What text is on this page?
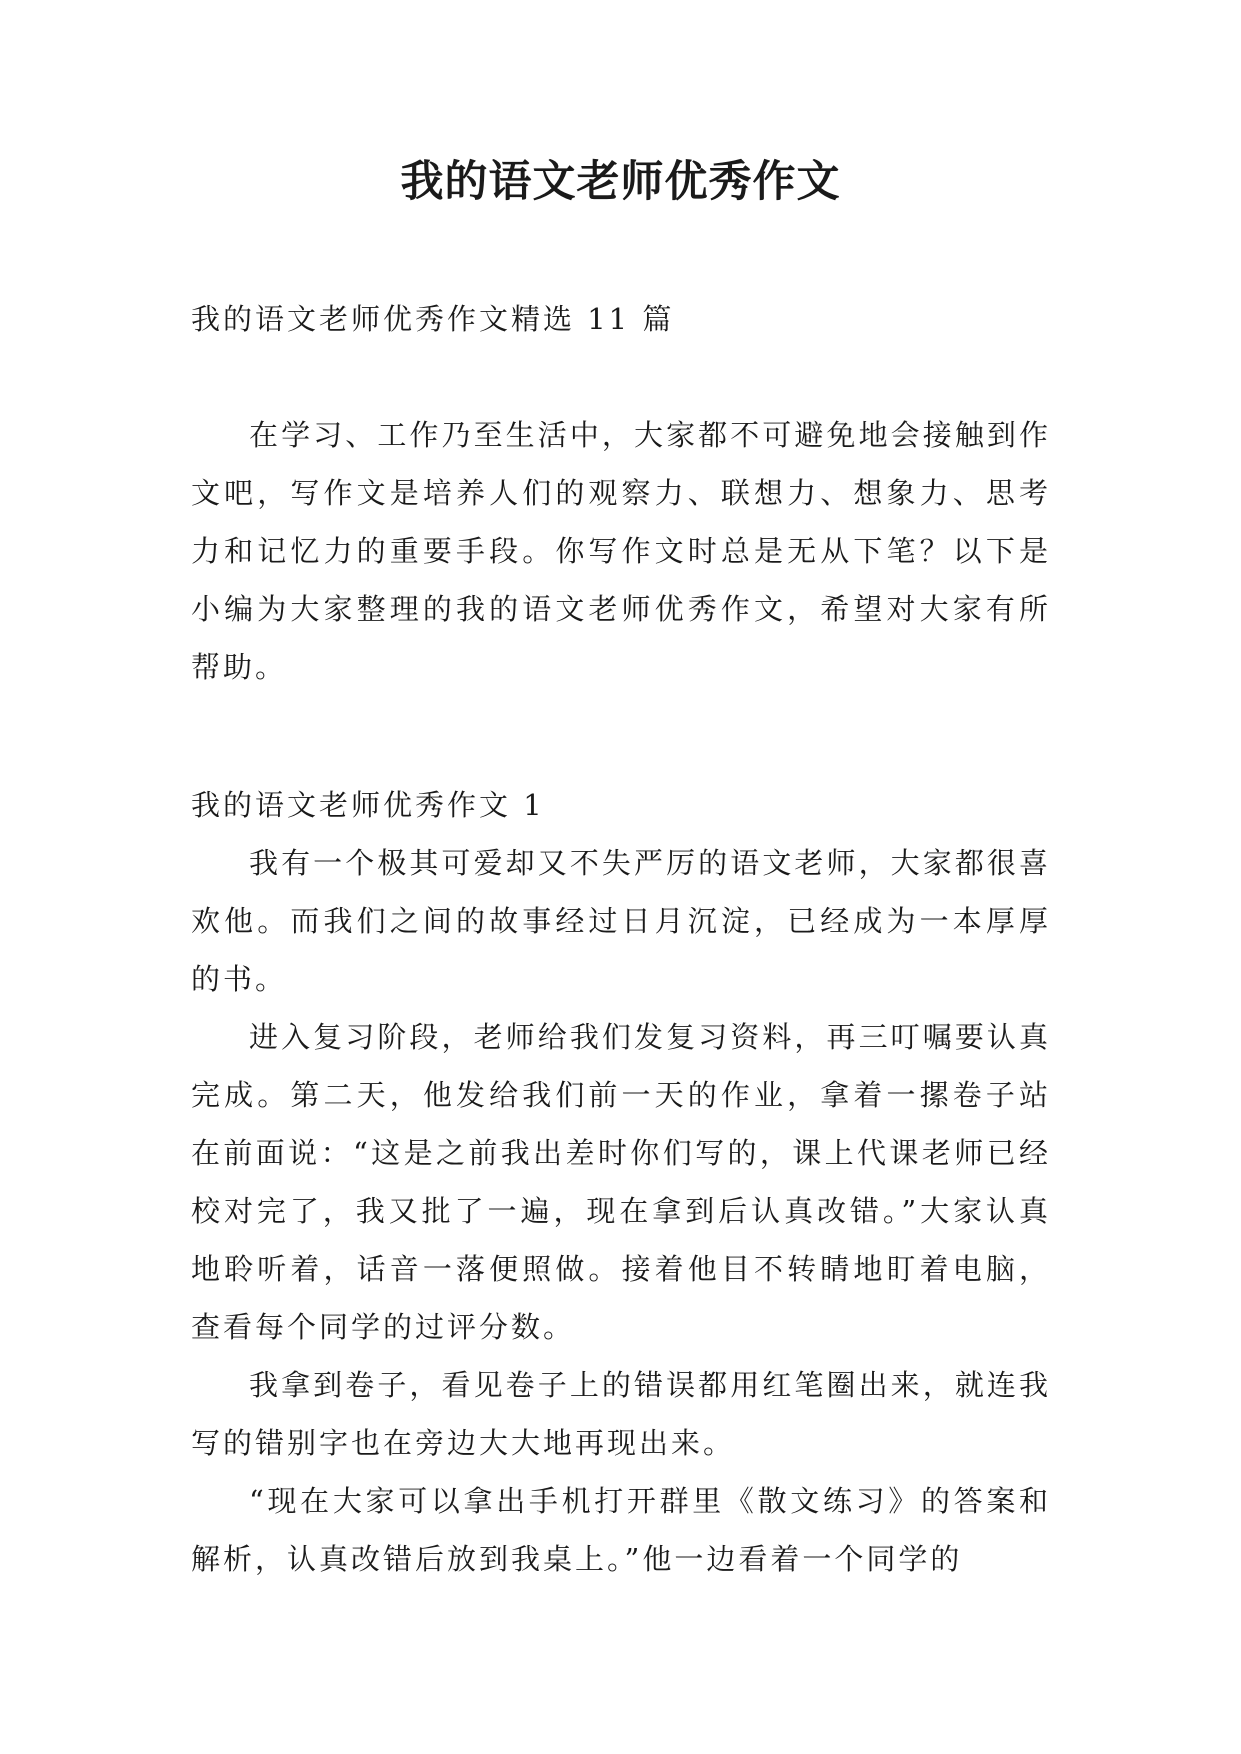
我的语文老师优秀作文

我的语文老师优秀作文精选 11 篇

在学习、工作乃至生活中，大家都不可避免地会接触到作文吧，写作文是培养人们的观察力、联想力、想象力、思考力和记忆力的重要手段。你写作文时总是无从下笔？以下是小编为大家整理的我的语文老师优秀作文，希望对大家有所帮助。

我的语文老师优秀作文 1

我有一个极其可爱却又不失严厉的语文老师，大家都很喜欢他。而我们之间的故事经过日月沉淀，已经成为一本厚厚的书。

进入复习阶段，老师给我们发复习资料，再三叮嘱要认真完成。第二天，他发给我们前一天的作业，拿着一摞卷子站在前面说：“这是之前我出差时你们写的，课上代课老师已经校对完了，我又批了一遍，现在拿到后认真改错。”大家认真地聆听着，话音一落便照做。接着他目不转睛地盯着电脑，查看每个同学的过评分数。

我拿到卷子，看见卷子上的错误都用红笔圈出来，就连我写的错别字也在旁边大大地再现出来。

“现在大家可以拿出手机打开群里《散文练习》的答案和解析，认真改错后放到我桌上。”他一边看着一个同学的
